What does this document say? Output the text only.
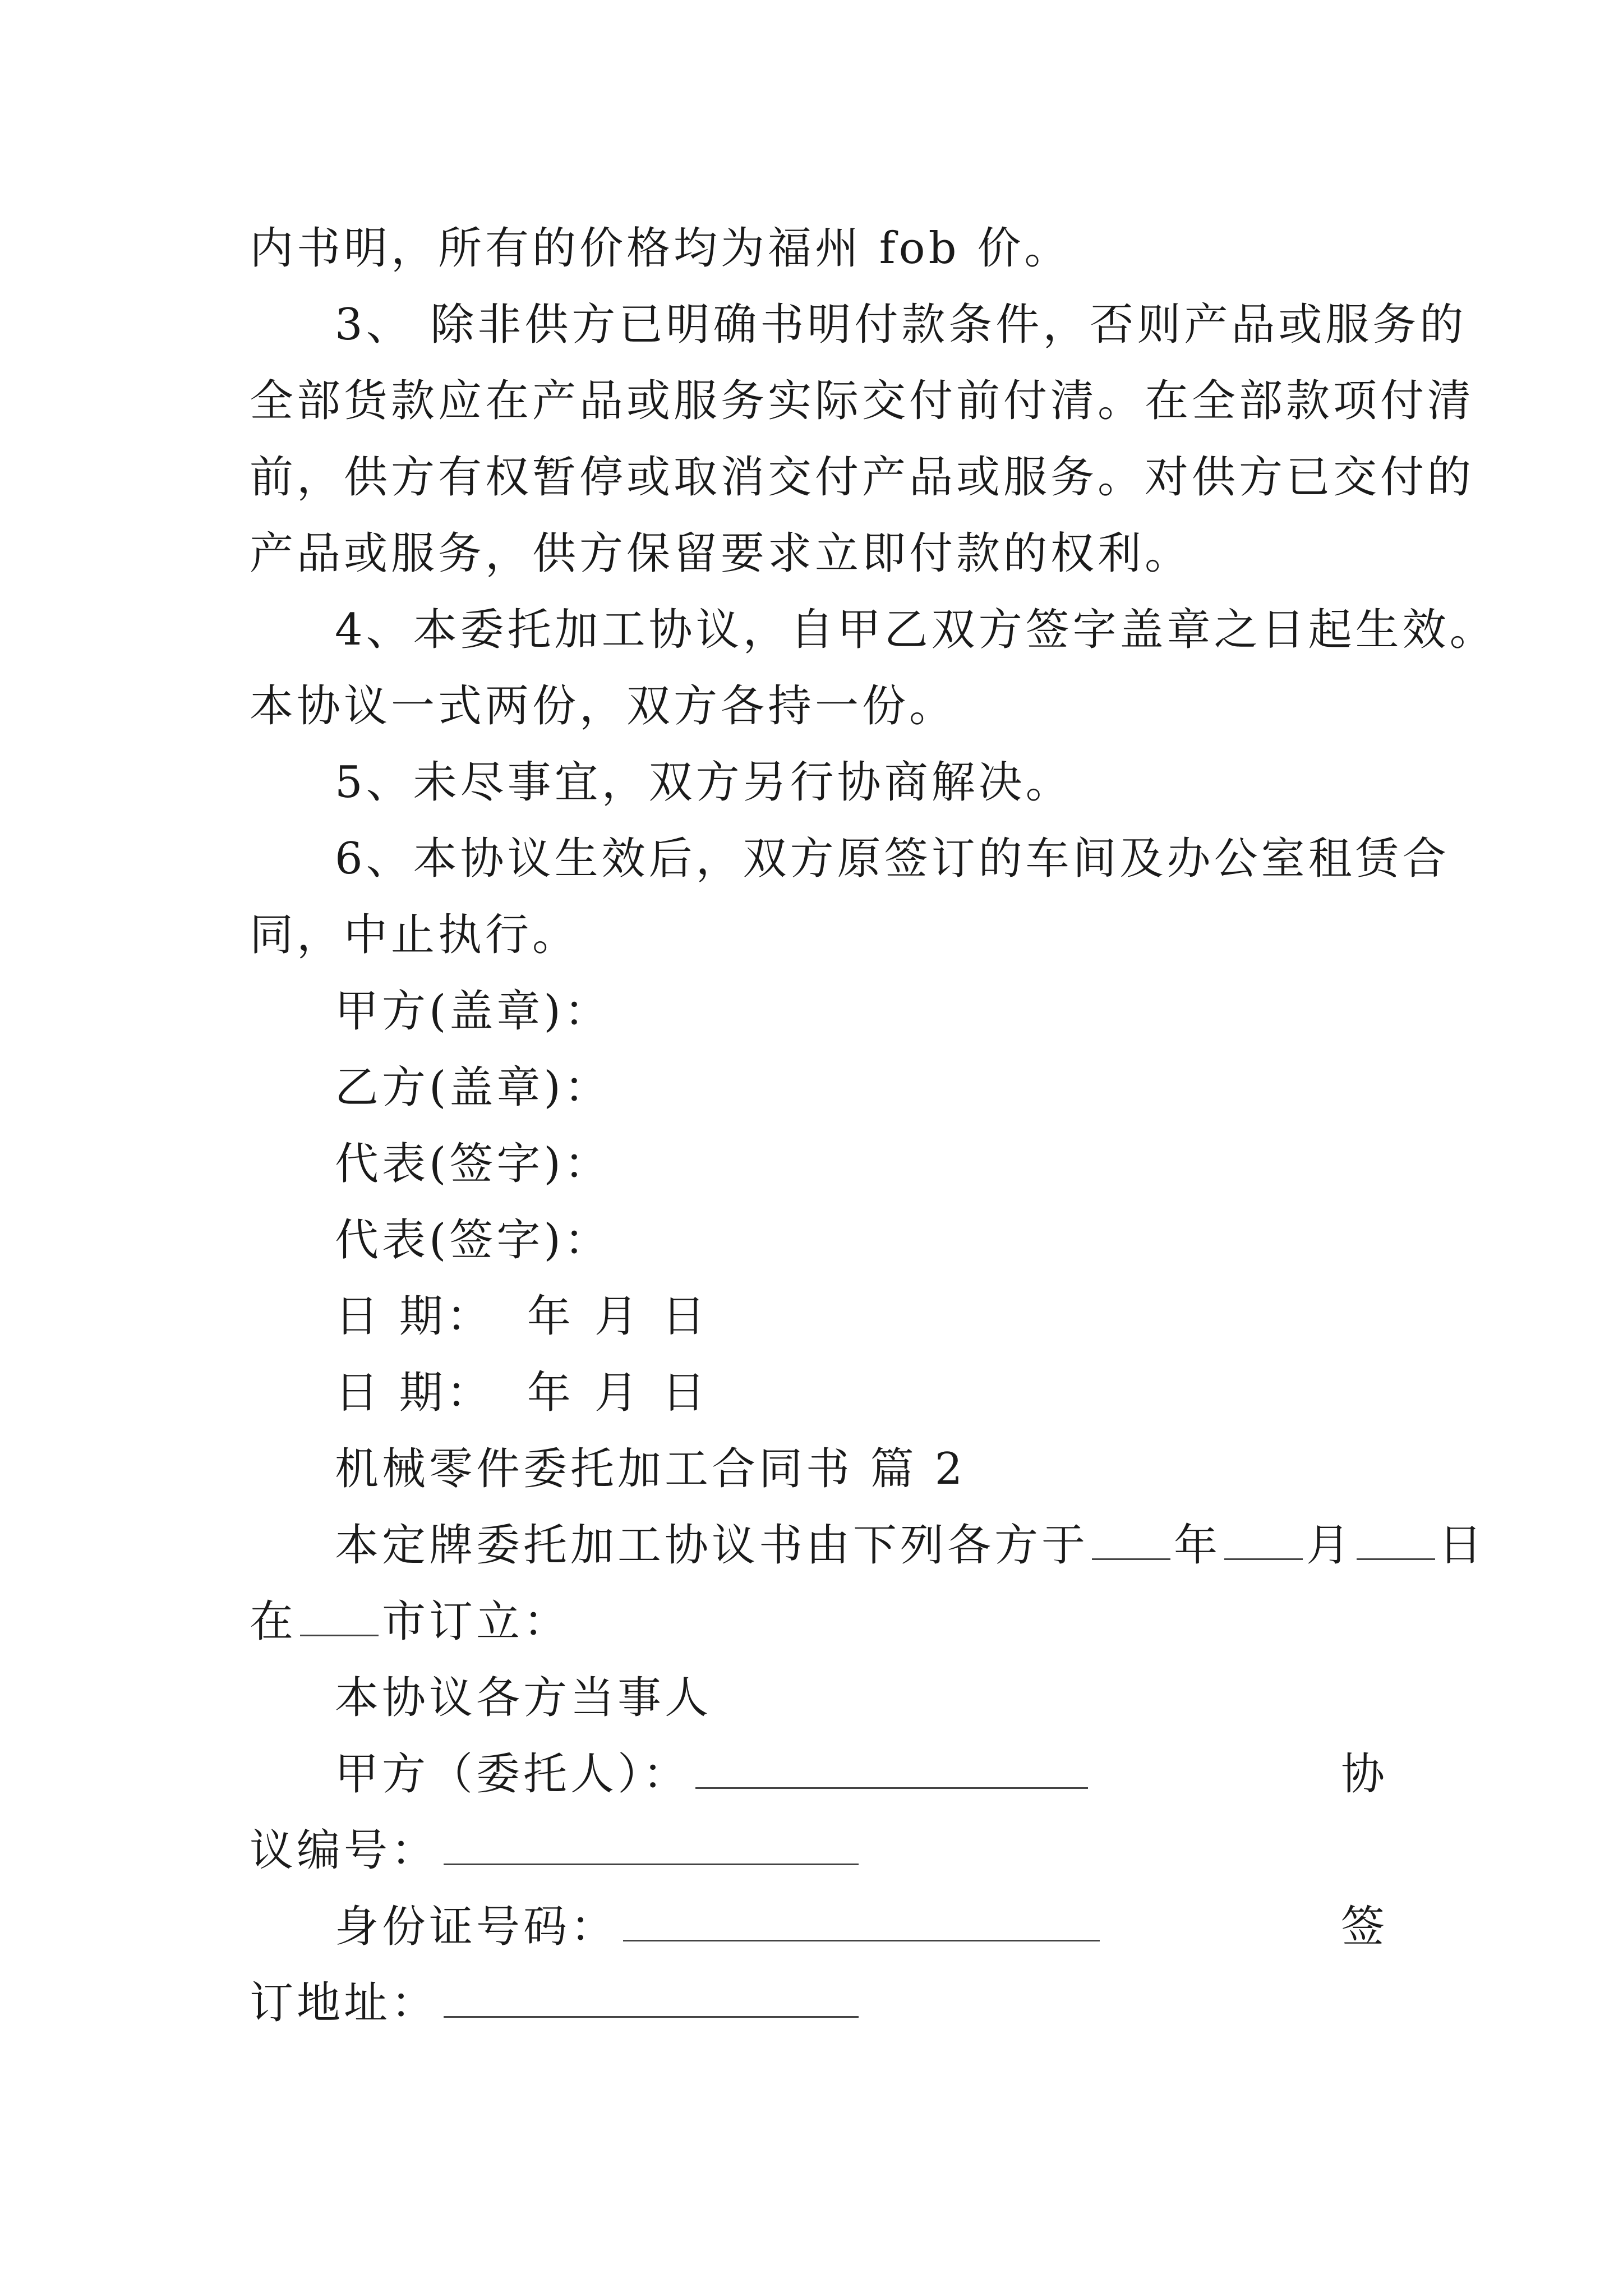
内书明，所有的价格均为福州 fob 价。
3、 除非供方已明确书明付款条件，否则产品或服务的
全部货款应在产品或服务实际交付前付清。在全部款项付清
前，供方有权暂停或取消交付产品或服务。对供方已交付的
产品或服务，供方保留要求立即付款的权利。
4、本委托加工协议，自甲乙双方签字盖章之日起生效。
本协议一式两份，双方各持一份。
5、未尽事宜，双方另行协商解决。
6、本协议生效后，双方原签订的车间及办公室租赁合
同，中止执行。
甲方(盖章)：
乙方(盖章)：
代表(签字)：
代表(签字)：
日 期： 年 月 日
日 期： 年 月 日
机械零件委托加工合同书 篇 2
本定牌委托加工协议书由下列各方于 年 月 日
在 市订立：
本协议各方当事人
甲方（委托人）：	协
议编号：
身份证号码：	签
订地址：
